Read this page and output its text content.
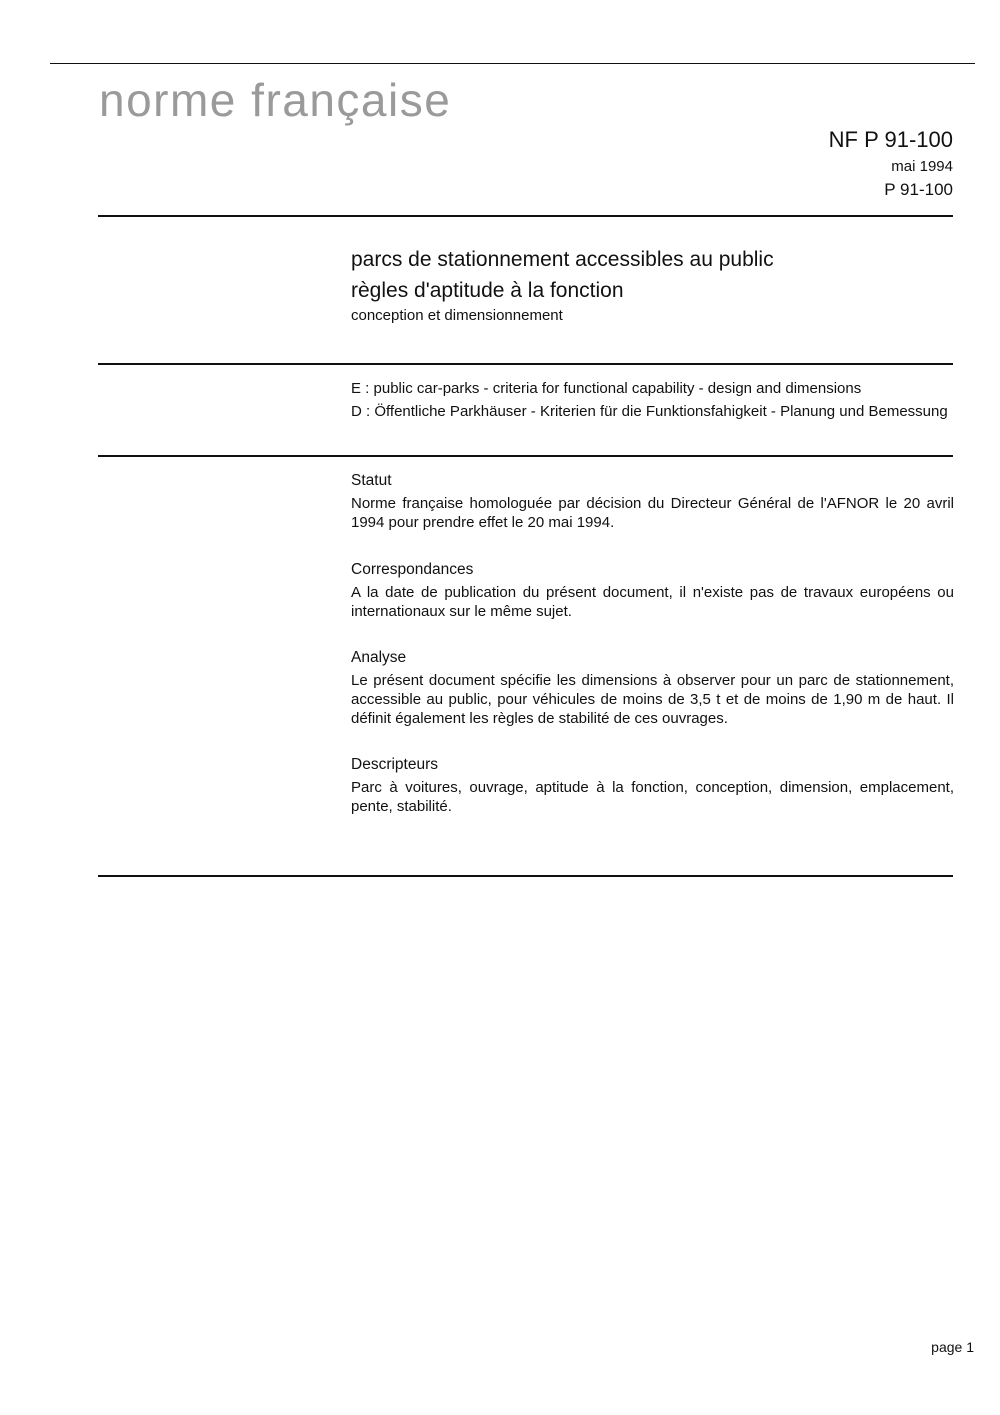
norme française
NF P 91-100
mai 1994
P 91-100
parcs de stationnement accessibles au public
règles d'aptitude à la fonction
conception et dimensionnement

E : public car-parks - criteria for functional capability - design and dimensions

D : Öffentliche Parkhäuser - Kriterien für die Funktionsfahigkeit - Planung und Bemessung

Statut

Norme française homologuée par décision du Directeur Général de l'AFNOR le 20 avril 1994 pour prendre effet le 20 mai 1994.

Correspondances

A la date de publication du présent document, il n'existe pas de travaux européens ou internationaux sur le même sujet.

Analyse

Le présent document spécifie les dimensions à observer pour un parc de stationnement, accessible au public, pour véhicules de moins de 3,5 t et de moins de 1,90 m de haut. Il définit également les règles de stabilité de ces ouvrages.

Descripteurs

Parc à voitures, ouvrage, aptitude à la fonction, conception, dimension, emplacement, pente, stabilité.

page 1
